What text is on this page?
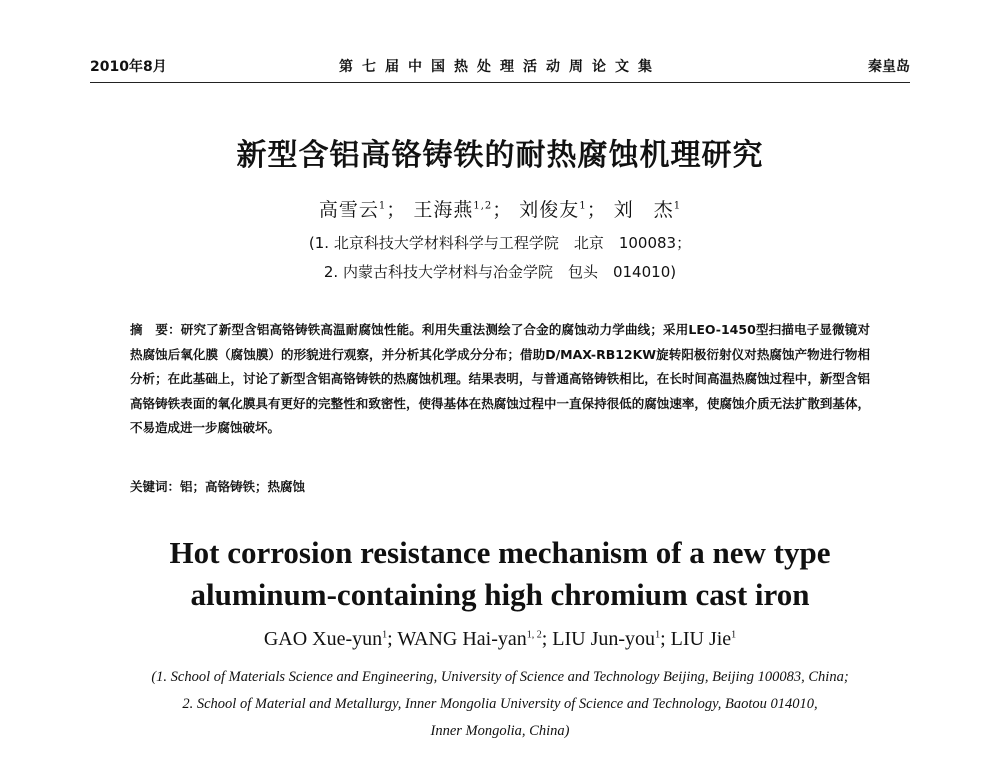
2010年8月	第七届中国热处理活动周论文集	秦皇岛
新型含铝高铬铸铁的耐热腐蚀机理研究
高雪云$^1$； 王海燕$^{1,2}$； 刘俊友$^1$； 刘　杰$^1$
(1. 北京科技大学材料科学与工程学院　北京　100083；
2. 内蒙古科技大学材料与冶金学院　包头　014010)
摘　要：研究了新型含铝高铬铸铁高温耐腐蚀性能。利用失重法测绘了合金的腐蚀动力学曲线；采用LEO-1450型扫描电子显微镜对热腐蚀后氧化膜（腐蚀膜）的形貌进行观察，并分析其化学成分分布；借助D/MAX-RB12KW旋转阳极衍射仪对热腐蚀产物进行物相分析；在此基础上，讨论了新型含铝高铬铸铁的热腐蚀机理。结果表明，与普通高铬铸铁相比，在长时间高温热腐蚀过程中，新型含铝高铬铸铁表面的氧化膜具有更好的完整性和致密性，使得基体在热腐蚀过程中一直保持很低的腐蚀速率，使腐蚀介质无法扩散到基体，不易造成进一步腐蚀破坏。
关键词：铝；高铬铸铁；热腐蚀
Hot corrosion resistance mechanism of a new type
aluminum-containing high chromium cast iron
GAO Xue-yun$^1$; WANG Hai-yan$^{1, 2}$; LIU Jun-you$^1$; LIU Jie$^1$
(1. School of Materials Science and Engineering, University of Science and Technology Beijing, Beijing 100083, China;
2. School of Material and Metallurgy, Inner Mongolia University of Science and Technology, Baotou 014010,
Inner Mongolia, China)
